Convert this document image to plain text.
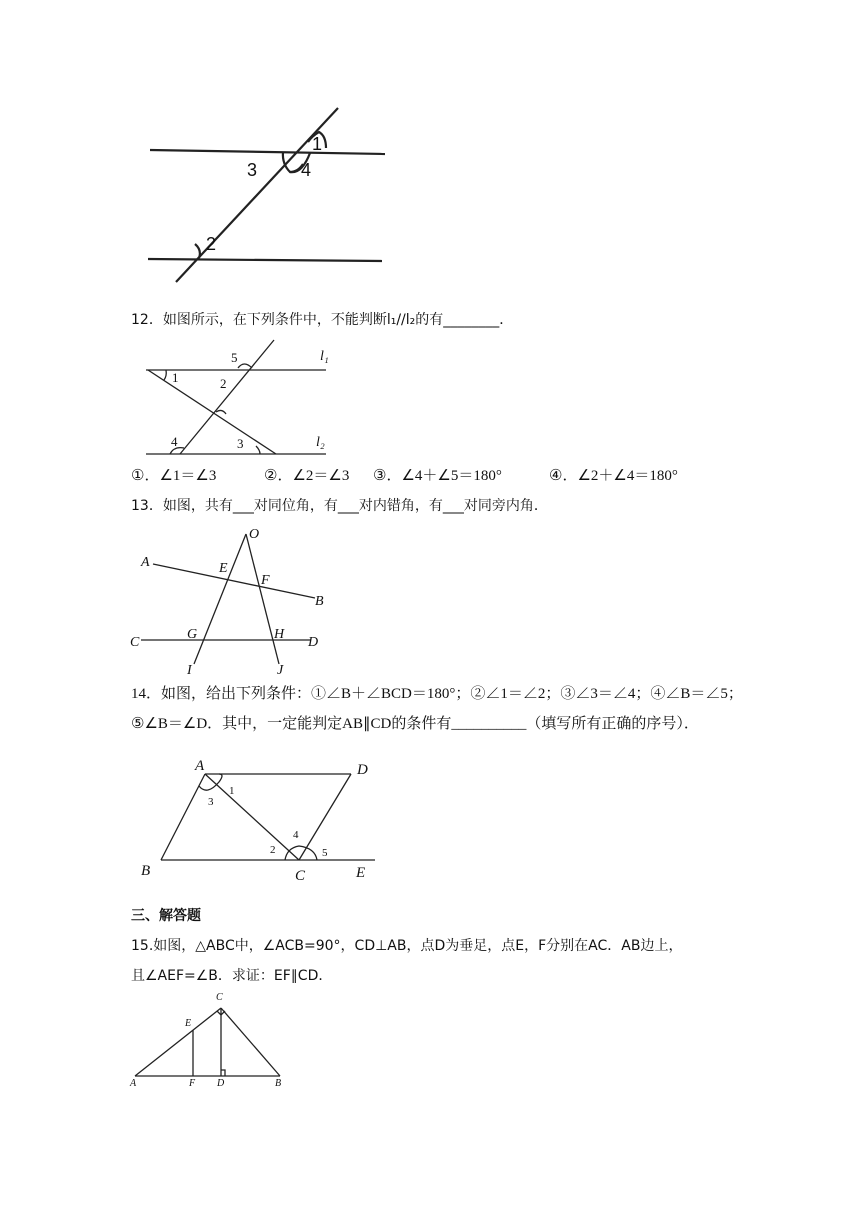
1
2
3 4
12．如图所示，在下列条件中，不能判断l₁//l₂的有________．
5
1	2
4	3
l₁
l₂
①．∠1＝∠3	②．∠2＝∠3 ③．∠4＋∠5＝180°	④．∠2＋∠4＝180°
13．如图，共有___对同位角，有___对内错角，有___对同旁内角．
O
A	E
F
B
C
G	H
D
I	J
14．如图，给出下列条件：①∠B＋∠BCD＝180°；②∠1＝∠2；③∠3＝∠4；④∠B＝∠5；
⑤∠B＝∠D．其中，一定能判定AB∥CD的条件有__________（填写所有正确的序号）．
A	D
3
1
4
2	5
B	C	E
三、解答题
15.如图，△ABC中，∠ACB=90°，CD⊥AB，点D为垂足，点E，F分别在AC．AB边上，
且∠AEF=∠B．求证：EF∥CD．
C
E
A	F D	B
